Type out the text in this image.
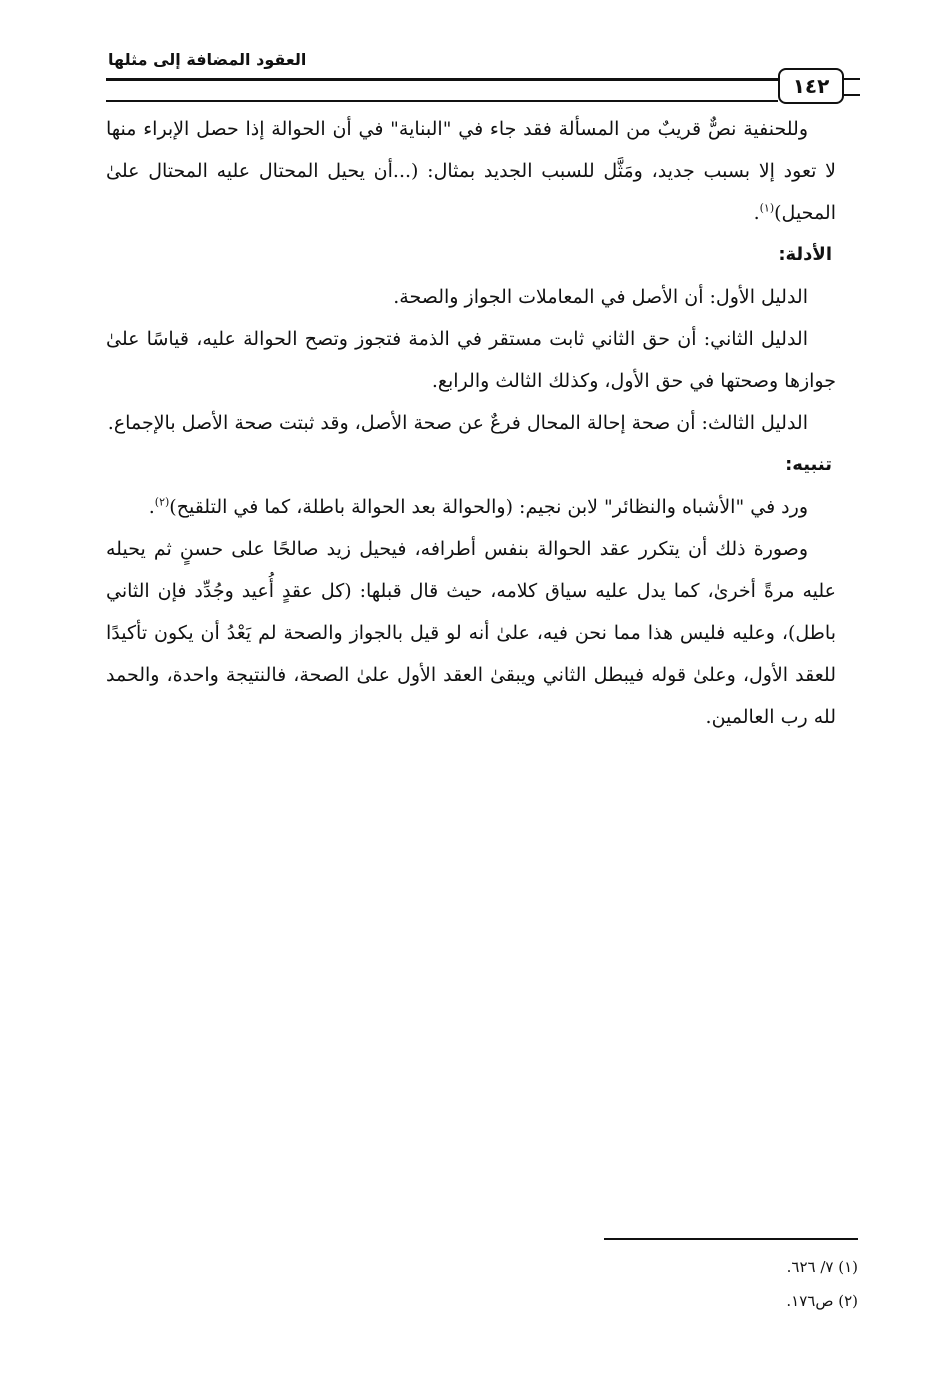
العقود المضافة إلى مثلها
١٤٢

وللحنفية نصٌّ قريبٌ من المسألة فقد جاء في "البناية" في أن الحوالة إذا حصل الإبراء منها لا تعود إلا بسبب جديد، ومَثَّل للسبب الجديد بمثال: (...أن يحيل المحتال عليه المحتال علىٰ المحيل)$^{(١)}$.

الأدلة:

الدليل الأول: أن الأصل في المعاملات الجواز والصحة.

الدليل الثاني: أن حق الثاني ثابت مستقر في الذمة فتجوز وتصح الحوالة عليه، قياسًا علىٰ جوازها وصحتها في حق الأول، وكذلك الثالث والرابع.

الدليل الثالث: أن صحة إحالة المحال فرعٌ عن صحة الأصل، وقد ثبتت صحة الأصل بالإجماع.

تنبيه:

ورد في "الأشباه والنظائر" لابن نجيم: (والحوالة بعد الحوالة باطلة، كما في التلقيح)$^{(٢)}$.

وصورة ذلك أن يتكرر عقد الحوالة بنفس أطرافه، فيحيل زيد صالحًا على حسنٍ ثم يحيله عليه مرةً أخرىٰ، كما يدل عليه سياق كلامه، حيث قال قبلها: (كل عقدٍ أُعيد وجُدِّد فإن الثاني باطل)، وعليه فليس هذا مما نحن فيه، علىٰ أنه لو قيل بالجواز والصحة لم يَعْدُ أن يكون تأكيدًا للعقد الأول، وعلىٰ قوله فيبطل الثاني ويبقىٰ العقد الأول علىٰ الصحة، فالنتيجة واحدة، والحمد لله رب العالمين.

(١) ٧/ ٦٢٦.
(٢) ص١٧٦.
